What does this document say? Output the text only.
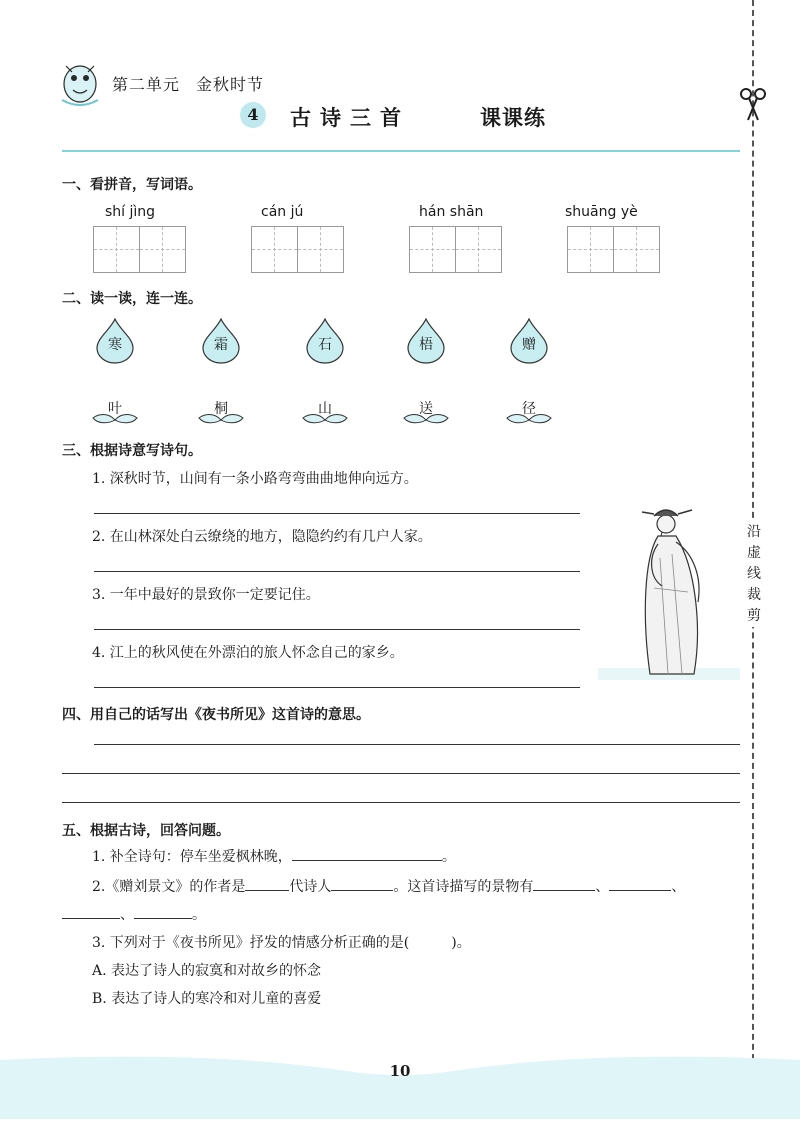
第二单元 金秋时节
4	古诗三首	课课练
沿虚线裁剪
一、看拼音，写词语。
shí jìng	cán jú	hán shān	shuāng yè
二、读一读，连一连。
寒	霜	石	梧	赠
叶	桐	山	送	径
三、根据诗意写诗句。
1. 深秋时节，山间有一条小路弯弯曲曲地伸向远方。
2. 在山林深处白云缭绕的地方，隐隐约约有几户人家。
3. 一年中最好的景致你一定要记住。
4. 江上的秋风使在外漂泊的旅人怀念自己的家乡。
四、用自己的话写出《夜书所见》这首诗的意思。
五、根据古诗，回答问题。
1. 补全诗句：停车坐爱枫林晚，	。
2.《赠刘景文》的作者是	代诗人	。这首诗描写的景物有	、	、
、	。
3. 下列对于《夜书所见》抒发的情感分析正确的是(　　　)。
A. 表达了诗人的寂寞和对故乡的怀念
B. 表达了诗人的寒冷和对儿童的喜爱
10
